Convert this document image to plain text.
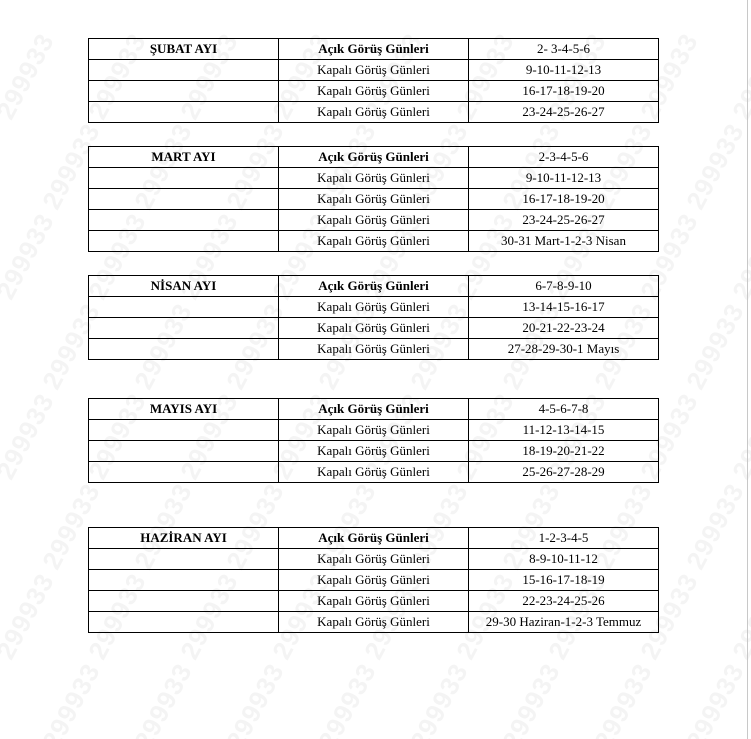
ŞUBAT AYI	Açık Görüş Günleri	2- 3-4-5-6
	Kapalı Görüş Günleri	9-10-11-12-13
	Kapalı Görüş Günleri	16-17-18-19-20
	Kapalı Görüş Günleri	23-24-25-26-27
MART AYI	Açık Görüş Günleri	2-3-4-5-6
	Kapalı Görüş Günleri	9-10-11-12-13
	Kapalı Görüş Günleri	16-17-18-19-20
	Kapalı Görüş Günleri	23-24-25-26-27
	Kapalı Görüş Günleri	30-31 Mart-1-2-3 Nisan
NİSAN AYI	Açık Görüş Günleri	6-7-8-9-10
	Kapalı Görüş Günleri	13-14-15-16-17
	Kapalı Görüş Günleri	20-21-22-23-24
	Kapalı Görüş Günleri	27-28-29-30-1 Mayıs
MAYIS AYI	Açık Görüş Günleri	4-5-6-7-8
	Kapalı Görüş Günleri	11-12-13-14-15
	Kapalı Görüş Günleri	18-19-20-21-22
	Kapalı Görüş Günleri	25-26-27-28-29
HAZİRAN AYI	Açık Görüş Günleri	1-2-3-4-5
	Kapalı Görüş Günleri	8-9-10-11-12
	Kapalı Görüş Günleri	15-16-17-18-19
	Kapalı Görüş Günleri	22-23-24-25-26
	Kapalı Görüş Günleri	29-30 Haziran-1-2-3 Temmuz
